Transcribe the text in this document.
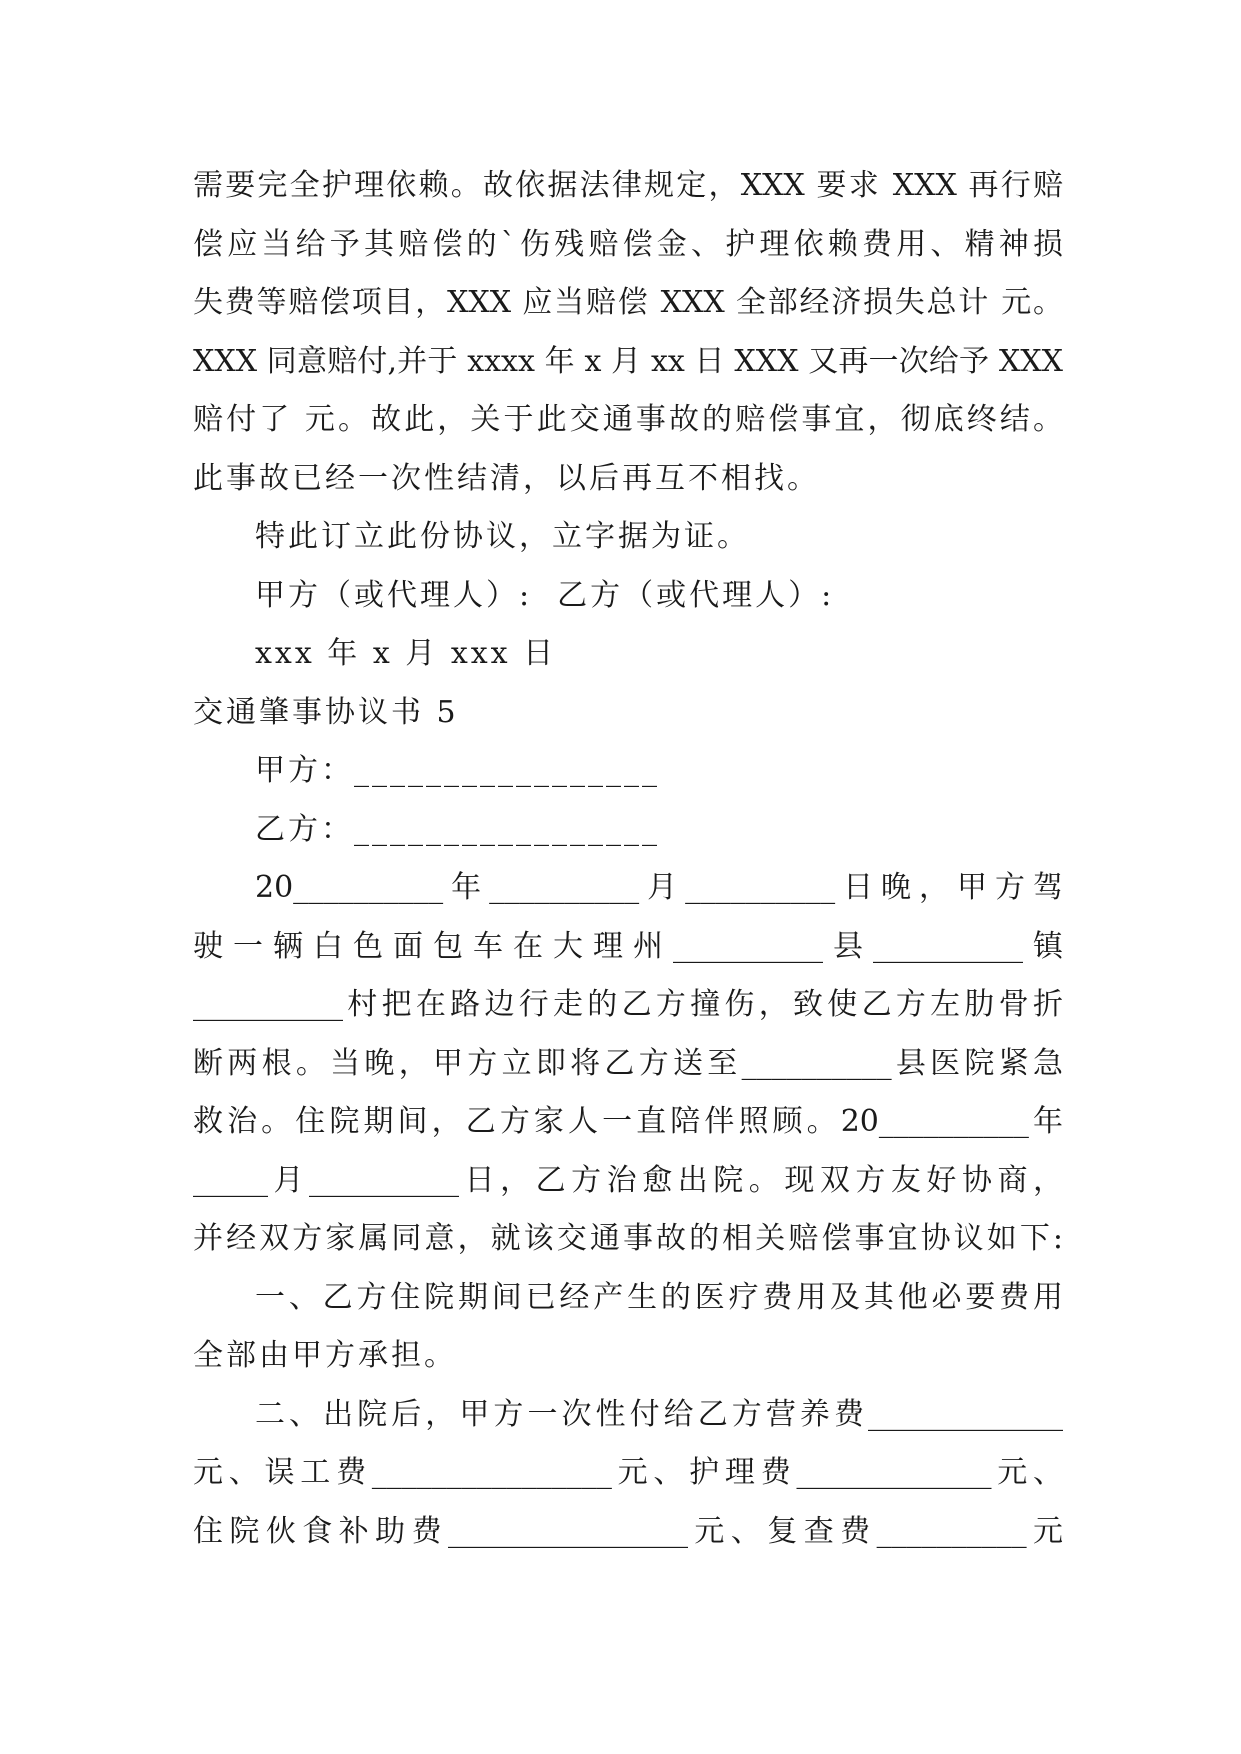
需要完全护理依赖。故依据法律规定，XXX 要求 XXX 再行赔
偿应当给予其赔偿的`伤残赔偿金、护理依赖费用、精神损
失费等赔偿项目，XXX 应当赔偿 XXX 全部经济损失总计 元。
XXX 同意赔付,并于 xxxx 年 x 月 xx 日 XXX 又再一次给予 XXX
赔付了 元。故此，关于此交通事故的赔偿事宜，彻底终结。
此事故已经一次性结清，以后再互不相找。
特此订立此份协议，立字据为证。
甲方（或代理人）:  乙方（或代理人）:
xxx 年 x 月 xxx 日
交通肇事协议书 5
甲方：_________________
乙方：_________________
20__________年__________月__________日晚，甲方驾
驶一辆白色面包车在大理州__________县__________镇
__________村把在路边行走的乙方撞伤，致使乙方左肋骨折
断两根。当晚，甲方立即将乙方送至__________县医院紧急
救治。住院期间，乙方家人一直陪伴照顾。20__________年
_____月__________日，乙方治愈出院。现双方友好协商，
并经双方家属同意，就该交通事故的相关赔偿事宜协议如下:
一、乙方住院期间已经产生的医疗费用及其他必要费用
全部由甲方承担。
二、出院后，甲方一次性付给乙方营养费_____________
元、误工费________________元、护理费_____________元、
住院伙食补助费________________元、复查费__________元
